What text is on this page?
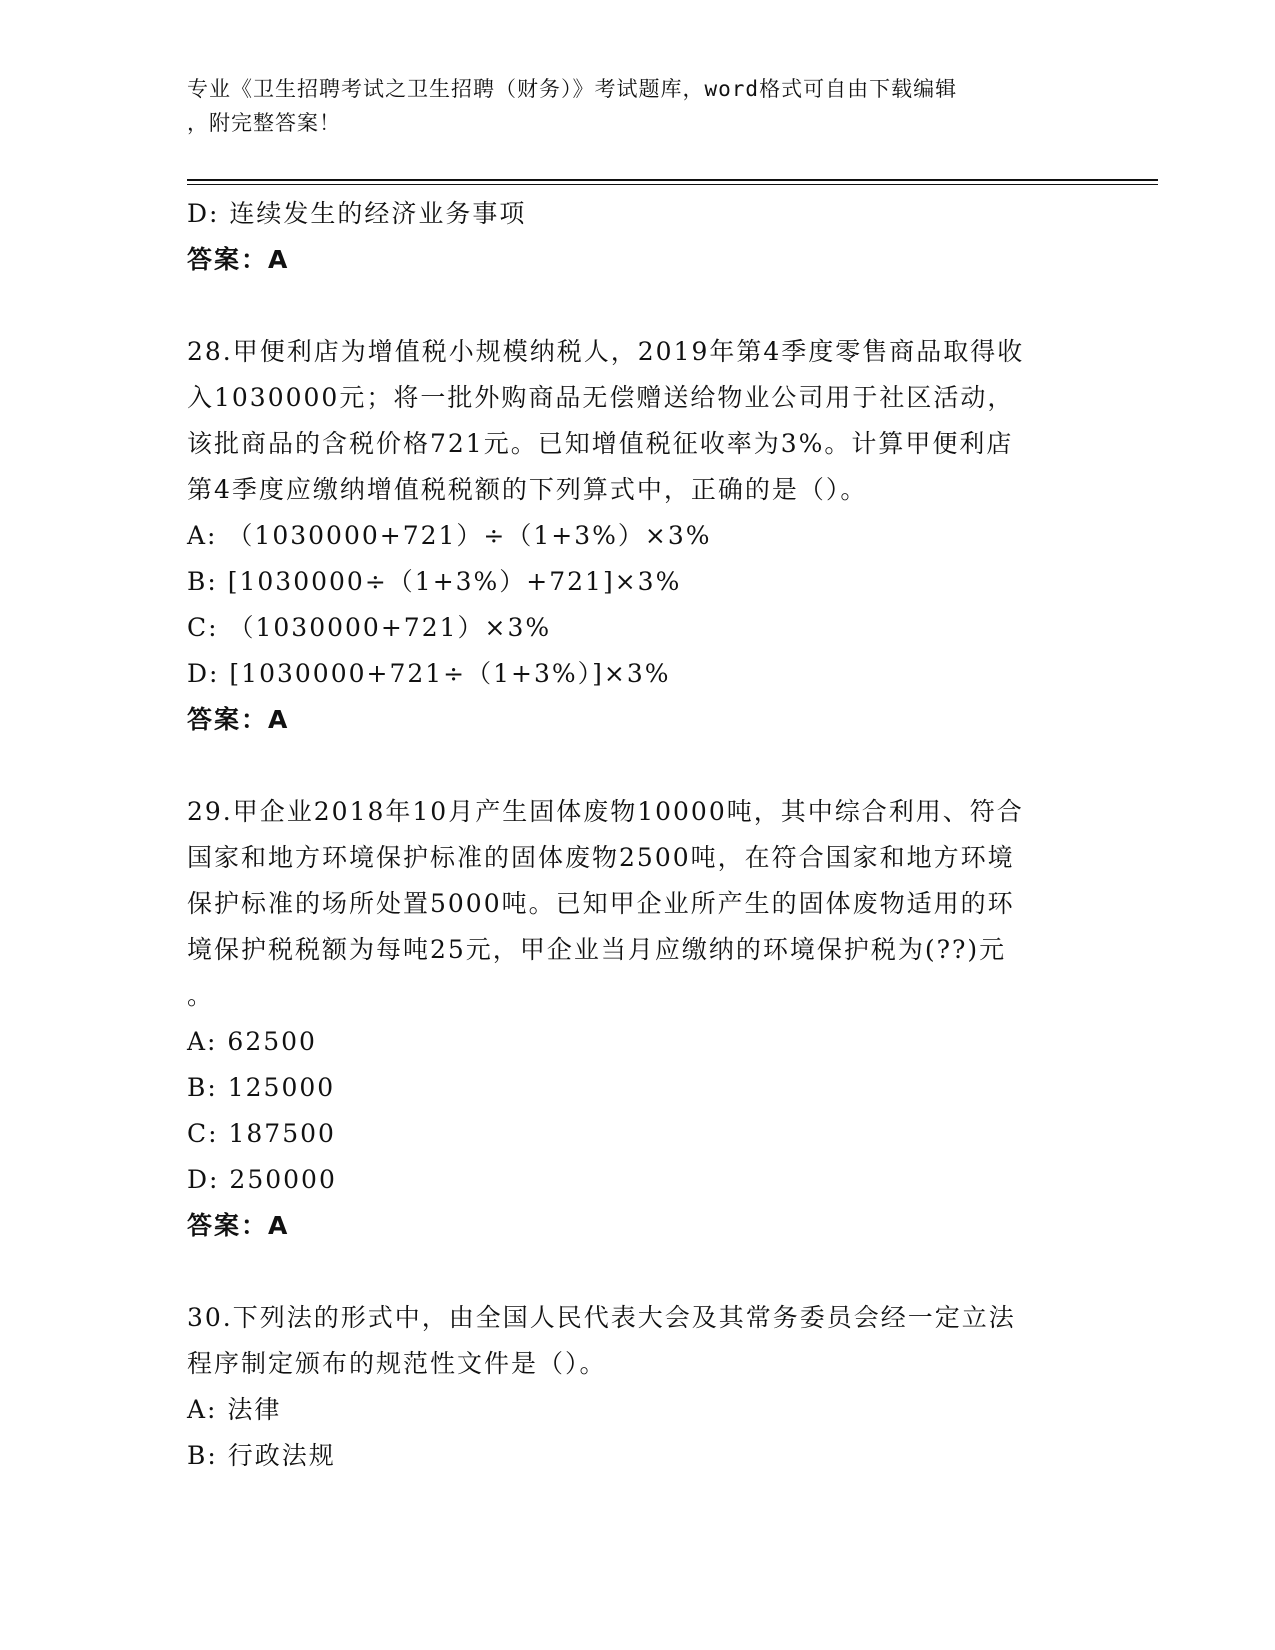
专业《卫生招聘考试之卫生招聘（财务）》考试题库，word格式可自由下载编辑
，附完整答案！
D: 连续发生的经济业务事项
答案：A
28.甲便利店为增值税小规模纳税人，2019年第4季度零售商品取得收
入1030000元；将一批外购商品无偿赠送给物业公司用于社区活动，
该批商品的含税价格721元。已知增值税征收率为3%。计算甲便利店
第4季度应缴纳增值税税额的下列算式中，正确的是（）。
A: （1030000+721）÷（1+3%）×3%
B: [1030000÷（1+3%）+721]×3%
C: （1030000+721）×3%
D: [1030000+721÷（1+3%）]×3%
答案：A
29.甲企业2018年10月产生固体废物10000吨，其中综合利用、符合
国家和地方环境保护标准的固体废物2500吨，在符合国家和地方环境
保护标准的场所处置5000吨。已知甲企业所产生的固体废物适用的环
境保护税税额为每吨25元，甲企业当月应缴纳的环境保护税为(??)元
。
A: 62500
B: 125000
C: 187500
D: 250000
答案：A
30.下列法的形式中，由全国人民代表大会及其常务委员会经一定立法
程序制定颁布的规范性文件是（）。
A: 法律
B: 行政法规
